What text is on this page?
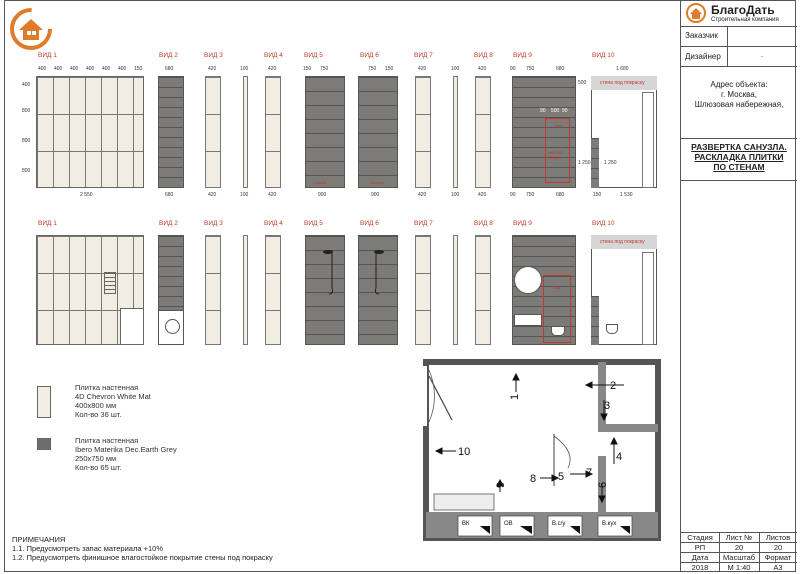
ВИД 1	ВИД 2	ВИД 3	ВИД 4	ВИД 5	ВИД 6	ВИД 7	ВИД 8	ВИД 9	ВИД 10
400 400 400 400 400 400 150
400
800
800
800
2 550
680
680
420
420
100
100
420
420
150 750
подиум
900
750 150
подиум
900
420
420
100
100
420
420
90 750	680
90 500 90
люк
инстал-ляция
500
1 250
90 750	680
1 680
стена под покраску
1 250
150	1 530
ВИД 1	ВИД 2	ВИД 3	ВИД 4	ВИД 5	ВИД 6	ВИД 7	ВИД 8	ВИД 9	ВИД 10
люк
стена под покраску
Плитка настенная
4D Chevron White Mat
400x800 мм
Кол-во 36 шт.
Плитка настенная
Ibero Materika Dec.Earth Grey
250x750 мм
Кол-во 65 шт.
ПРИМЕЧАНИЯ
1.1. Предусмотреть запас материала +10%
1.2. Предусмотреть финишное влагостойкое покрытие стены под покраску
1
2
3
4
5
6
7
8
9
10
ВК	ОВ	В.с/у	В.кух
БлагоДать
Строительная компания
Заказчик
Дизайнер	.
Адрес объекта:
г. Москва,
Шлюзовая набережная,
РАЗВЕРТКА САНУЗЛА.
РАСКЛАДКА ПЛИТКИ
ПО СТЕНАМ
Стадия	Лист №	Листов
РП	20	20
Дата	Масштаб	Формат
2018	М 1:40	А3
